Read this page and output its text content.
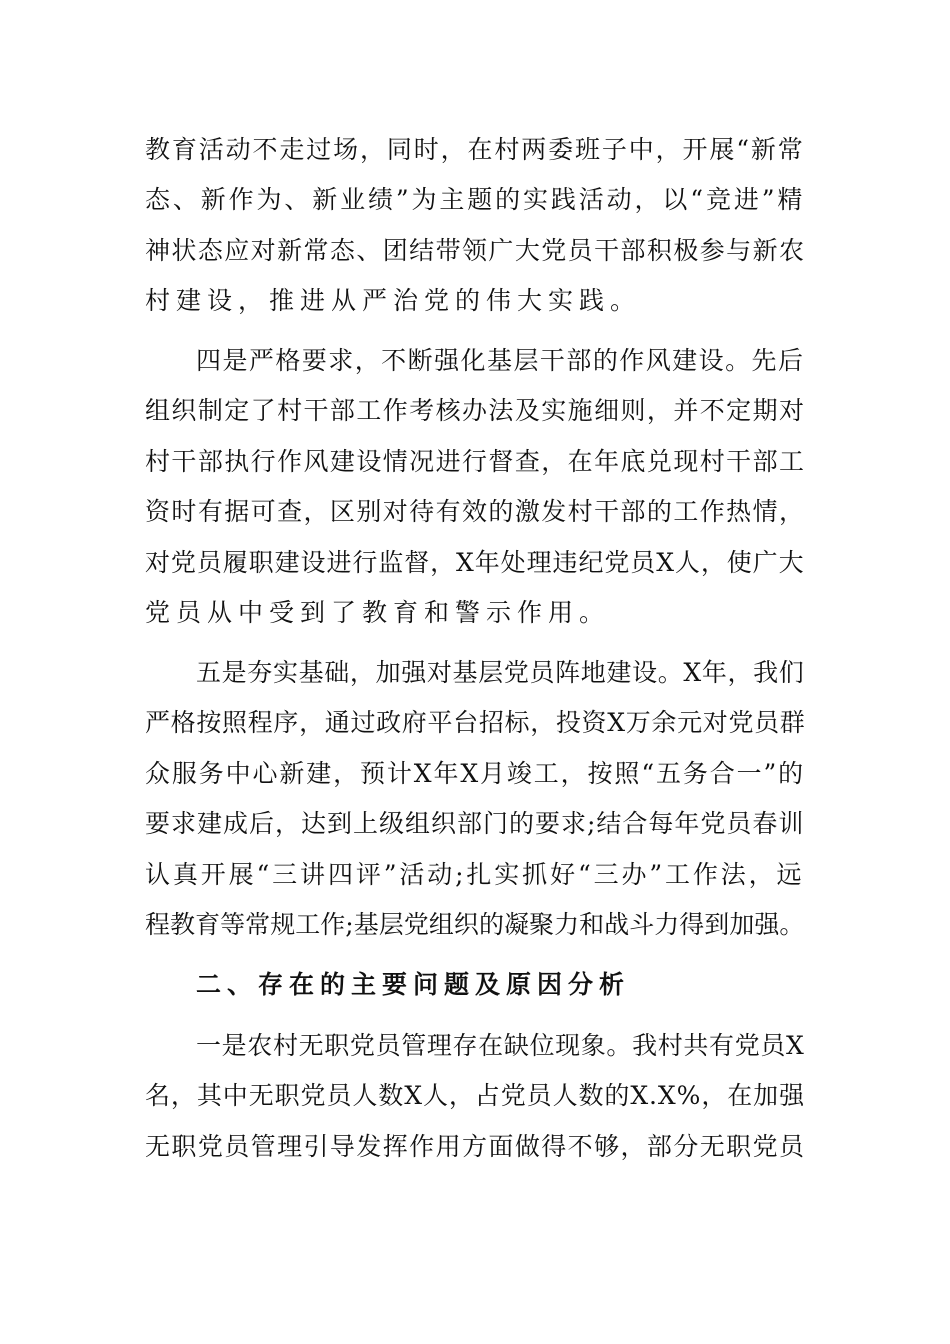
教育活动不走过场，同时，在村两委班子中，开展“新常
态、新作为、新业绩”为主题的实践活动，以“竞进”精
神状态应对新常态、团结带领广大党员干部积极参与新农
村建设，推进从严治党的伟大实践。
四是严格要求，不断强化基层干部的作风建设。先后
组织制定了村干部工作考核办法及实施细则，并不定期对
村干部执行作风建设情况进行督查，在年底兑现村干部工
资时有据可查，区别对待有效的激发村干部的工作热情，
对党员履职建设进行监督，X年处理违纪党员X人，使广大
党员从中受到了教育和警示作用。
五是夯实基础，加强对基层党员阵地建设。X年，我们
严格按照程序，通过政府平台招标，投资X万余元对党员群
众服务中心新建，预计X年X月竣工，按照“五务合一”的
要求建成后，达到上级组织部门的要求;结合每年党员春训
认真开展“三讲四评”活动;扎实抓好“三办”工作法，远
程教育等常规工作;基层党组织的凝聚力和战斗力得到加强。
二、存在的主要问题及原因分析
一是农村无职党员管理存在缺位现象。我村共有党员X
名，其中无职党员人数X人，占党员人数的X.X%，在加强
无职党员管理引导发挥作用方面做得不够，部分无职党员
